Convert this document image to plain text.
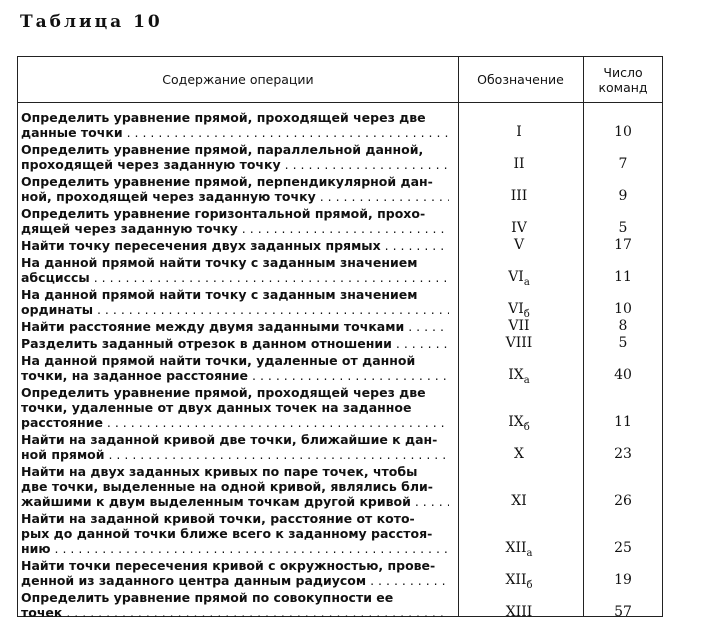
Таблица 10
Содержание операции	Обозначение	Число
команд
Определить уравнение прямой, проходящей через две
данные точки . . .	I	10
Определить уравнение прямой, параллельной данной,
проходящей через заданную точку . . .	II	7
Определить уравнение прямой, перпендикулярной дан-
ной, проходящей через заданную точку . . .	III	9
Определить уравнение горизонтальной прямой, прохо-
дящей через заданную точку . . .	IV	5
Найти точку пересечения двух заданных прямых . . .	V	17
На данной прямой найти точку с заданным значением
абсциссы . . .	$VI_а$	11
На данной прямой найти точку с заданным значением
ординаты . . .	$VI_б$	10
Найти расстояние между двумя заданными точками . . .	VII	8
Разделить заданный отрезок в данном отношении . . .	VIII	5
На данной прямой найти точки, удаленные от данной
точки, на заданное расстояние . . .	$IX_а$	40
Определить уравнение прямой, проходящей через две
точки, удаленные от двух данных точек на заданное
расстояние . . .	$IX_б$	11
Найти на заданной кривой две точки, ближайшие к дан-
ной прямой . . .	X	23
Найти на двух заданных кривых по паре точек, чтобы
две точки, выделенные на одной кривой, являлись бли-
жайшими к двум выделенным точкам другой кривой . . .	XI	26
Найти на заданной кривой точки, расстояние от кото-
рых до данной точки ближе всего к заданному расстоя-
нию . . .	$XII_а$	25
Найти точки пересечения кривой с окружностью, прове-
денной из заданного центра данным радиусом . . .	$XII_б$	19
Определить уравнение прямой по совокупности ее
точек . . .	XIII	57
